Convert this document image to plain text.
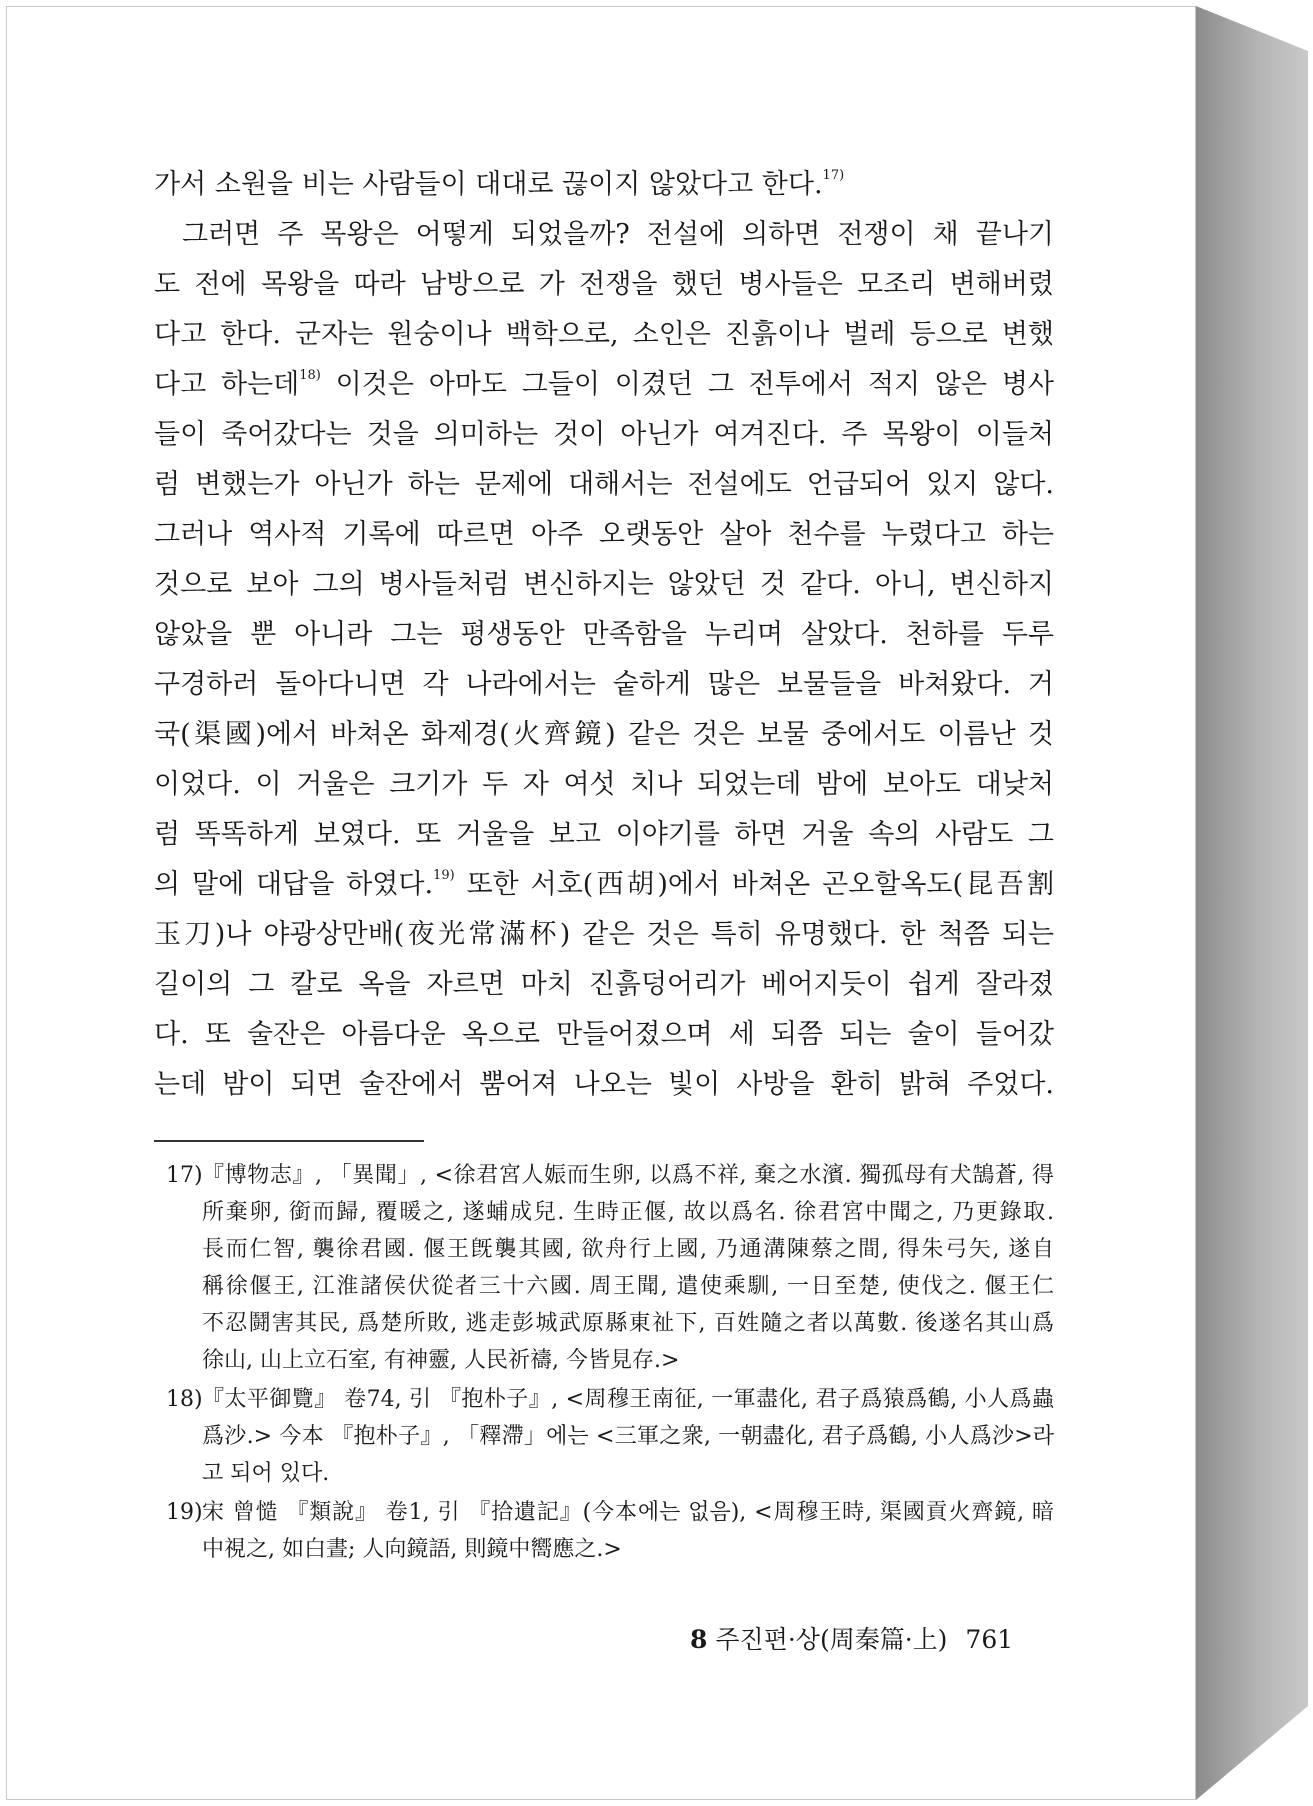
가서 소원을 비는 사람들이 대대로 끊이지 않았다고 한다.$^{17)}$
그러면 주 목왕은 어떻게 되었을까? 전설에 의하면 전쟁이 채 끝나기
도 전에 목왕을 따라 남방으로 가 전쟁을 했던 병사들은 모조리 변해버렸
다고 한다. 군자는 원숭이나 백학으로, 소인은 진흙이나 벌레 등으로 변했
다고 하는데$^{18)}$ 이것은 아마도 그들이 이겼던 그 전투에서 적지 않은 병사
들이 죽어갔다는 것을 의미하는 것이 아닌가 여겨진다. 주 목왕이 이들처
럼 변했는가 아닌가 하는 문제에 대해서는 전설에도 언급되어 있지 않다.
그러나 역사적 기록에 따르면 아주 오랫동안 살아 천수를 누렸다고 하는
것으로 보아 그의 병사들처럼 변신하지는 않았던 것 같다. 아니, 변신하지
않았을 뿐 아니라 그는 평생동안 만족함을 누리며 살았다. 천하를 두루
구경하러 돌아다니면 각 나라에서는 숱하게 많은 보물들을 바쳐왔다. 거
국(渠國)에서 바쳐온 화제경(火齊鏡) 같은 것은 보물 중에서도 이름난 것
이었다. 이 거울은 크기가 두 자 여섯 치나 되었는데 밤에 보아도 대낮처
럼 똑똑하게 보였다. 또 거울을 보고 이야기를 하면 거울 속의 사람도 그
의 말에 대답을 하였다.$^{19)}$ 또한 서호(西胡)에서 바쳐온 곤오할옥도(昆吾割
玉刀)나 야광상만배(夜光常滿杯) 같은 것은 특히 유명했다. 한 척쯤 되는
길이의 그 칼로 옥을 자르면 마치 진흙덩어리가 베어지듯이 쉽게 잘라졌
다. 또 술잔은 아름다운 옥으로 만들어졌으며 세 되쯤 되는 술이 들어갔
는데 밤이 되면 술잔에서 뿜어져 나오는 빛이 사방을 환히 밝혀 주었다.
17) 『博物志』, 「異聞」, <徐君宮人娠而生卵, 以爲不祥, 棄之水濱. 獨孤母有犬鵠蒼, 得
所棄卵, 銜而歸, 覆暖之, 遂蜅成兒. 生時正偃, 故以爲名. 徐君宮中聞之, 乃更錄取.
長而仁智, 襲徐君國. 偃王旣襲其國, 欲舟行上國, 乃通溝陳蔡之間, 得朱弓矢, 遂自
稱徐偃王, 江淮諸侯伏從者三十六國. 周王聞, 遣使乘馴, 一日至楚, 使伐之. 偃王仁
不忍鬪害其民, 爲楚所敗, 逃走彭城武原縣東祉下, 百姓隨之者以萬數. 後遂名其山爲
徐山, 山上立石室, 有神靈, 人民祈禱, 今皆見存.>
18) 『太平御覽』 卷74, 引 『抱朴子』, <周穆王南征, 一軍盡化, 君子爲猿爲鶴, 小人爲蟲
爲沙.> 今本 『抱朴子』, 「釋滯」에는 <三軍之衆, 一朝盡化, 君子爲鶴, 小人爲沙>라
고 되어 있다.
19) 宋 曾慥 『類說』 卷1, 引 『拾遺記』(今本에는 없음), <周穆王時, 渠國貢火齊鏡, 暗
中視之, 如白晝; 人向鏡語, 則鏡中嚮應之.>
8 주진편·상(周秦篇·上) 761
